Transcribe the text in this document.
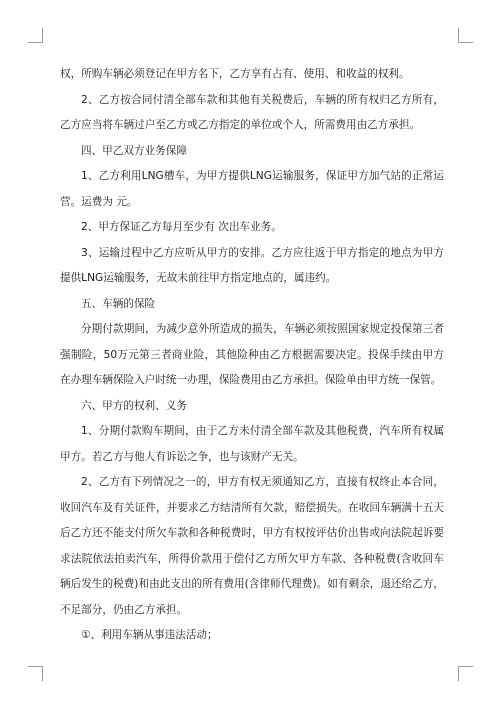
权，所购车辆必须登记在甲方名下，乙方享有占有、使用、和收益的权利。

2、乙方按合同付清全部车款和其他有关税费后，车辆的所有权归乙方所有，乙方应当将车辆过户至乙方或乙方指定的单位或个人，所需费用由乙方承担。

四、甲乙双方业务保障

1、乙方利用LNG槽车，为甲方提供LNG运输服务，保证甲方加气站的正常运营。运费为 元。

2、甲方保证乙方每月至少有 次出车业务。

3、运输过程中乙方应听从甲方的安排。乙方应往返于甲方指定的地点为甲方提供LNG运输服务，无故未前往甲方指定地点的，属违约。

五、车辆的保险

分期付款期间，为减少意外所造成的损失，车辆必须按照国家规定投保第三者强制险，50万元第三者商业险，其他险种由乙方根据需要决定。投保手续由甲方在办理车辆保险入户时统一办理，保险费用由乙方承担。保险单由甲方统一保管。

六、甲方的权利、义务

1、分期付款购车期间，由于乙方未付清全部车款及其他税费，汽车所有权属甲方。若乙方与他人有诉讼之争，也与该财产无关。

2、乙方有下列情况之一的，甲方有权无须通知乙方，直接有权终止本合同，收回汽车及有关证件，并要求乙方结清所有欠款，赔偿损失。在收回车辆满十五天后乙方还不能支付所欠车款和各种税费时，甲方有权按评估价出售或向法院起诉要求法院依法拍卖汽车，所得价款用于偿付乙方所欠甲方车款、各种税费(含收回车辆后发生的税费)和由此支出的所有费用(含律师代理费)。如有剩余，退还给乙方，不足部分，仍由乙方承担。

①、利用车辆从事违法活动；
